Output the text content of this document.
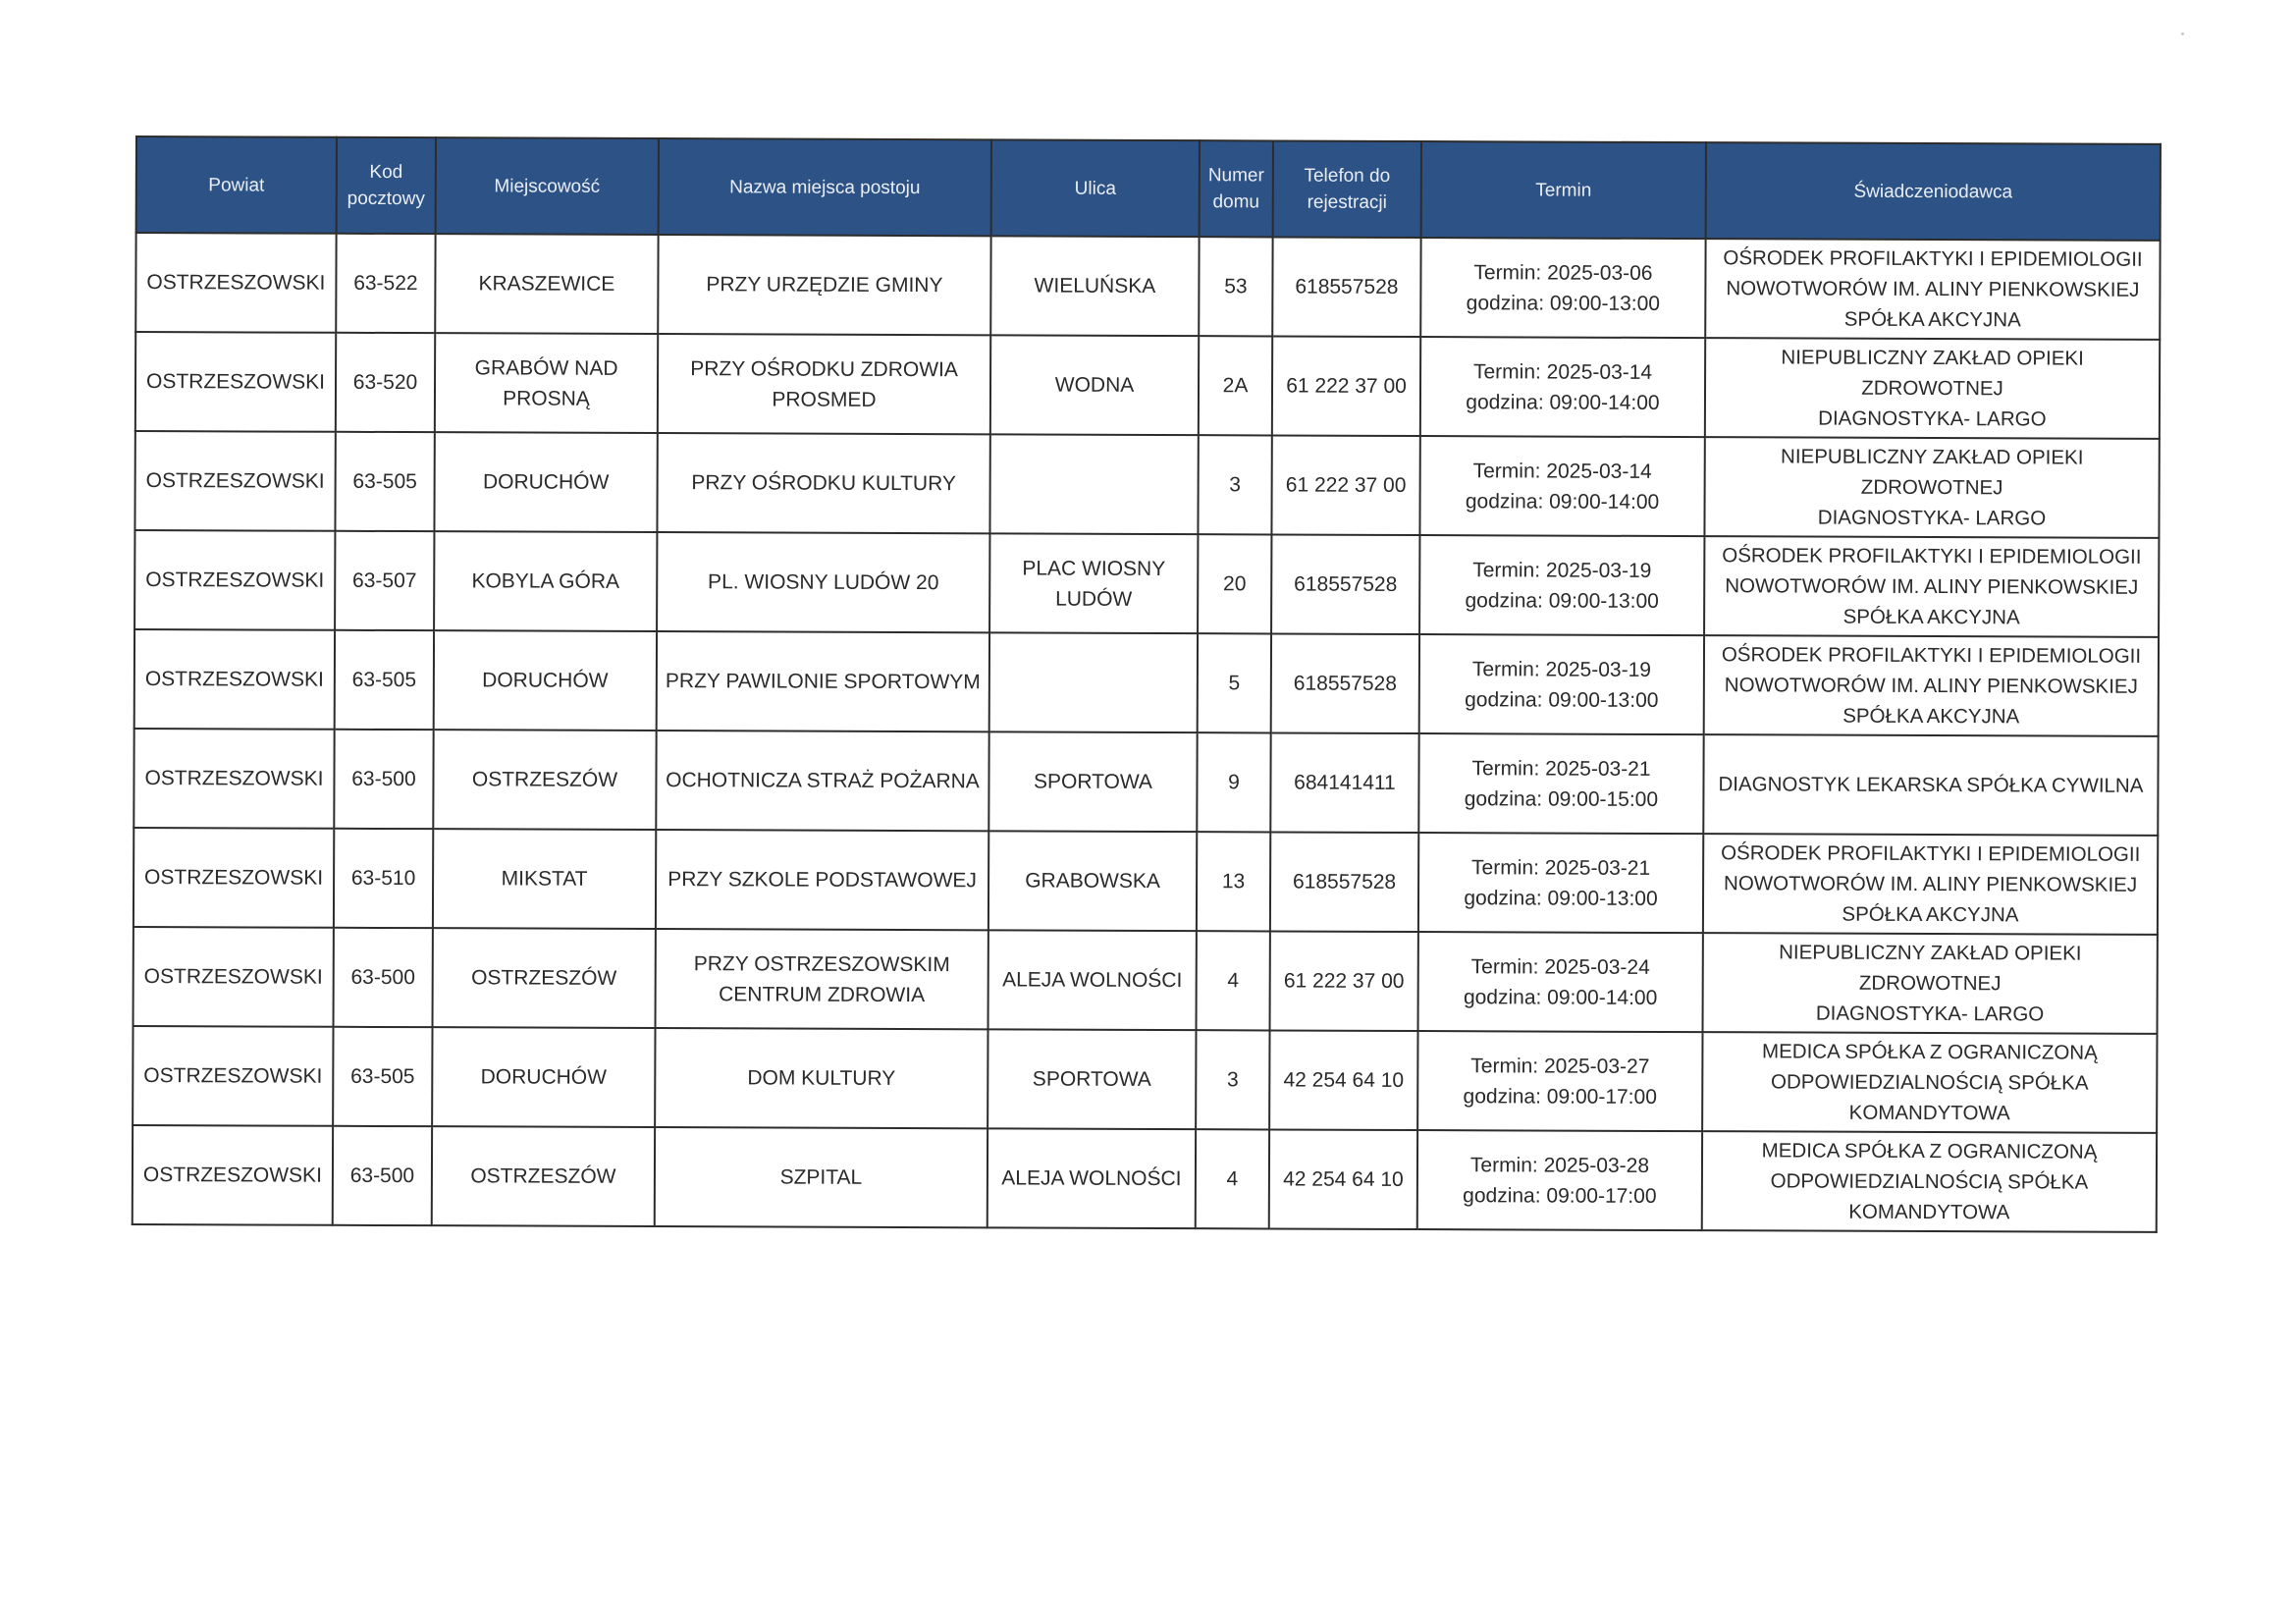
Powiat	Kod
pocztowy	Miejscowość	Nazwa miejsca postoju	Ulica	Numer
domu	Telefon do
rejestracji	Termin	Świadczeniodawca

OSTRZESZOWSKI	63-522	KRASZEWICE	PRZY URZĘDZIE GMINY	WIELUŃSKA	53	618557528	Termin: 2025-03-06
godzina: 09:00-13:00	OŚRODEK PROFILAKTYKI I EPIDEMIOLOGII
NOWOTWORÓW IM. ALINY PIENKOWSKIEJ
SPÓŁKA AKCYJNA

OSTRZESZOWSKI	63-520	GRABÓW NAD
PROSNĄ	PRZY OŚRODKU ZDROWIA
PROSMED	WODNA	2A	61 222 37 00	Termin: 2025-03-14
godzina: 09:00-14:00	NIEPUBLICZNY ZAKŁAD OPIEKI ZDROWOTNEJ
DIAGNOSTYKA- LARGO

OSTRZESZOWSKI	63-505	DORUCHÓW	PRZY OŚRODKU KULTURY		3	61 222 37 00	Termin: 2025-03-14
godzina: 09:00-14:00	NIEPUBLICZNY ZAKŁAD OPIEKI ZDROWOTNEJ
DIAGNOSTYKA- LARGO

OSTRZESZOWSKI	63-507	KOBYLA GÓRA	PL. WIOSNY LUDÓW 20	PLAC WIOSNY
LUDÓW	20	618557528	Termin: 2025-03-19
godzina: 09:00-13:00	OŚRODEK PROFILAKTYKI I EPIDEMIOLOGII
NOWOTWORÓW IM. ALINY PIENKOWSKIEJ
SPÓŁKA AKCYJNA

OSTRZESZOWSKI	63-505	DORUCHÓW	PRZY PAWILONIE SPORTOWYM		5	618557528	Termin: 2025-03-19
godzina: 09:00-13:00	OŚRODEK PROFILAKTYKI I EPIDEMIOLOGII
NOWOTWORÓW IM. ALINY PIENKOWSKIEJ
SPÓŁKA AKCYJNA

OSTRZESZOWSKI	63-500	OSTRZESZÓW	OCHOTNICZA STRAŻ POŻARNA	SPORTOWA	9	684141411	Termin: 2025-03-21
godzina: 09:00-15:00	DIAGNOSTYK LEKARSKA SPÓŁKA CYWILNA

OSTRZESZOWSKI	63-510	MIKSTAT	PRZY SZKOLE PODSTAWOWEJ	GRABOWSKA	13	618557528	Termin: 2025-03-21
godzina: 09:00-13:00	OŚRODEK PROFILAKTYKI I EPIDEMIOLOGII
NOWOTWORÓW IM. ALINY PIENKOWSKIEJ
SPÓŁKA AKCYJNA

OSTRZESZOWSKI	63-500	OSTRZESZÓW	PRZY OSTRZESZOWSKIM
CENTRUM ZDROWIA	ALEJA WOLNOŚCI	4	61 222 37 00	Termin: 2025-03-24
godzina: 09:00-14:00	NIEPUBLICZNY ZAKŁAD OPIEKI ZDROWOTNEJ
DIAGNOSTYKA- LARGO

OSTRZESZOWSKI	63-505	DORUCHÓW	DOM KULTURY	SPORTOWA	3	42 254 64 10	Termin: 2025-03-27
godzina: 09:00-17:00	MEDICA SPÓŁKA Z OGRANICZONĄ
ODPOWIEDZIALNOŚCIĄ SPÓŁKA
KOMANDYTOWA

OSTRZESZOWSKI	63-500	OSTRZESZÓW	SZPITAL	ALEJA WOLNOŚCI	4	42 254 64 10	Termin: 2025-03-28
godzina: 09:00-17:00	MEDICA SPÓŁKA Z OGRANICZONĄ
ODPOWIEDZIALNOŚCIĄ SPÓŁKA
KOMANDYTOWA
